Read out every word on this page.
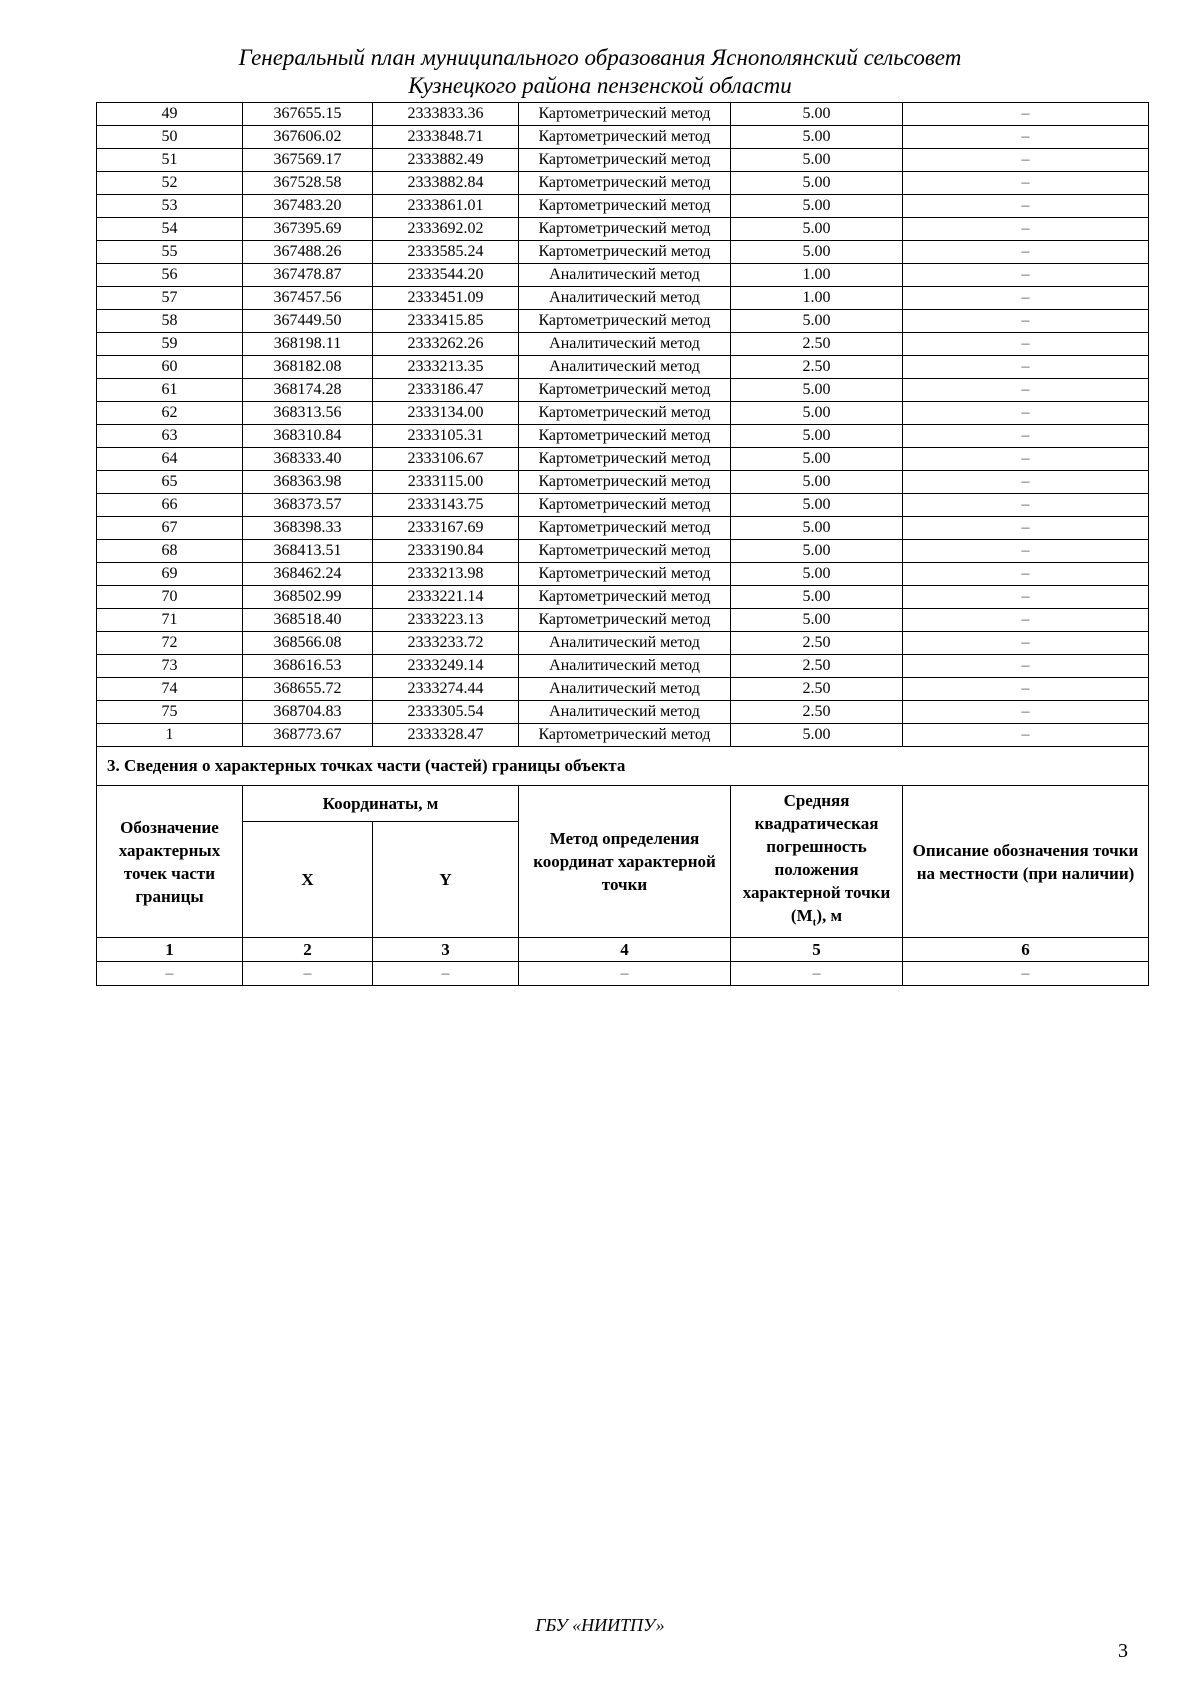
Генеральный план муниципального образования Яснополянский сельсовет
Кузнецкого района пензенской области
49	367655.15	2333833.36	Картометрический метод	5.00	–
50	367606.02	2333848.71	Картометрический метод	5.00	–
51	367569.17	2333882.49	Картометрический метод	5.00	–
52	367528.58	2333882.84	Картометрический метод	5.00	–
53	367483.20	2333861.01	Картометрический метод	5.00	–
54	367395.69	2333692.02	Картометрический метод	5.00	–
55	367488.26	2333585.24	Картометрический метод	5.00	–
56	367478.87	2333544.20	Аналитический метод	1.00	–
57	367457.56	2333451.09	Аналитический метод	1.00	–
58	367449.50	2333415.85	Картометрический метод	5.00	–
59	368198.11	2333262.26	Аналитический метод	2.50	–
60	368182.08	2333213.35	Аналитический метод	2.50	–
61	368174.28	2333186.47	Картометрический метод	5.00	–
62	368313.56	2333134.00	Картометрический метод	5.00	–
63	368310.84	2333105.31	Картометрический метод	5.00	–
64	368333.40	2333106.67	Картометрический метод	5.00	–
65	368363.98	2333115.00	Картометрический метод	5.00	–
66	368373.57	2333143.75	Картометрический метод	5.00	–
67	368398.33	2333167.69	Картометрический метод	5.00	–
68	368413.51	2333190.84	Картометрический метод	5.00	–
69	368462.24	2333213.98	Картометрический метод	5.00	–
70	368502.99	2333221.14	Картометрический метод	5.00	–
71	368518.40	2333223.13	Картометрический метод	5.00	–
72	368566.08	2333233.72	Аналитический метод	2.50	–
73	368616.53	2333249.14	Аналитический метод	2.50	–
74	368655.72	2333274.44	Аналитический метод	2.50	–
75	368704.83	2333305.54	Аналитический метод	2.50	–
1	368773.67	2333328.47	Картометрический метод	5.00	–
3. Сведения о характерных точках части (частей) границы объекта					
Обозначение характерных точек части границы	Координаты, м		Метод определения координат характерной точки	Средняя квадратическая погрешность положения характерной точки $(M_t)$, м	Описание обозначения точки на местности (при наличии)
	X	Y			
1	2	3	4	5	6
–	–	–	–	–	–
ГБУ «НИИТПУ»
3
